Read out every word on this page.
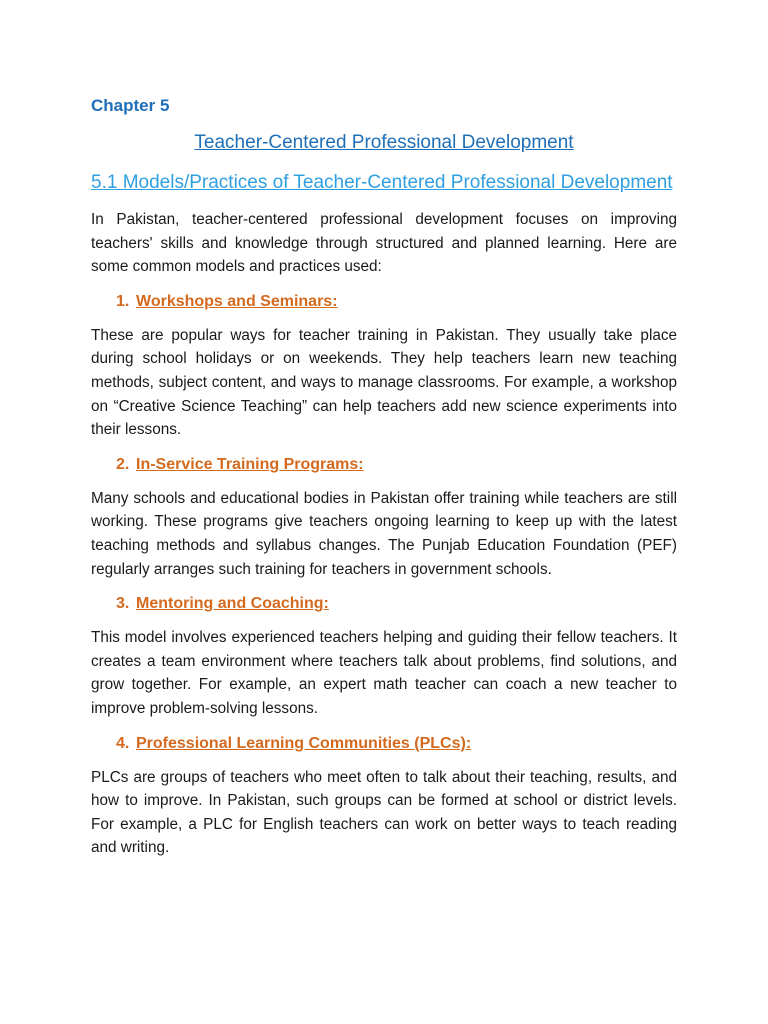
Chapter 5

Teacher-Centered Professional Development

5.1 Models/Practices of Teacher-Centered Professional Development

In Pakistan, teacher-centered professional development focuses on improving teachers' skills and knowledge through structured and planned learning. Here are some common models and practices used:

1. Workshops and Seminars:

These are popular ways for teacher training in Pakistan. They usually take place during school holidays or on weekends. They help teachers learn new teaching methods, subject content, and ways to manage classrooms. For example, a workshop on “Creative Science Teaching” can help teachers add new science experiments into their lessons.

2. In-Service Training Programs:

Many schools and educational bodies in Pakistan offer training while teachers are still working. These programs give teachers ongoing learning to keep up with the latest teaching methods and syllabus changes. The Punjab Education Foundation (PEF) regularly arranges such training for teachers in government schools.

3. Mentoring and Coaching:

This model involves experienced teachers helping and guiding their fellow teachers. It creates a team environment where teachers talk about problems, find solutions, and grow together. For example, an expert math teacher can coach a new teacher to improve problem-solving lessons.

4. Professional Learning Communities (PLCs):

PLCs are groups of teachers who meet often to talk about their teaching, results, and how to improve. In Pakistan, such groups can be formed at school or district levels. For example, a PLC for English teachers can work on better ways to teach reading and writing.
